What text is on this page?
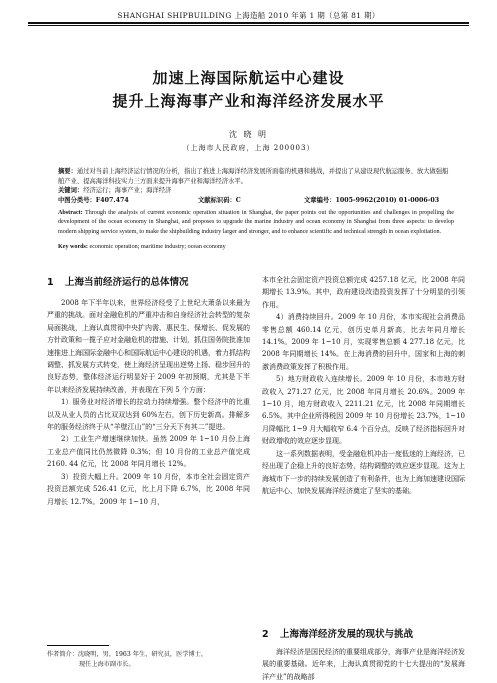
SHANGHAI SHIPBUILDING 上海造船 2010 年第 1 期（总第 81 期）
加速上海国际航运中心建设
提升上海海事产业和海洋经济发展水平
沈 晓 明
（上海市人民政府，上海 200003）
摘要：通过对当前上海经济运行情况的分析，指出了推进上海海洋经济发展所面临的机遇和挑战，并提出了从建设现代航运服务、放大做强船舶产业、提高海洋科技实力三方面来提升海事产业和海洋经济水平。
关键词：经济运行；海事产业；海洋经济
中图分类号：F407.474	文献标识码：C	文章编号：1005-9962(2010) 01-0006-03
Abstract: Through the analysis of current economic operation situation in Shanghai, the paper points out the opportunities and challenges in propelling the development of the ocean economy in Shanghai, and proposes to upgrade the marine industry and ocean economy in Shanghai from three aspects: to develop modern shipping service system, to make the shipbuilding industry larger and stronger, and to enhance scientific and technical strength in ocean exploitation.
Key words: economic operation; maritime industry; ocean economy
1 上海当前经济运行的总体情况

2008 年下半年以来，世界经济经受了上世纪大萧条以来最为严重的挑战。面对金融危机的严重冲击和自身经济社会转型的复杂局面挑战，上海认真贯彻中央扩内需、惠民生、保增长、促发展的方针政策和一揽子应对金融危机的措施、计划，抓住国务院批准加速推进上海国际金融中心和国际航运中心建设的机遇，着力抓结构调整、抓发展方式转变，使上海经济呈现出逆势上扬、稳步回升的良好态势，整体经济运行明显好于 2009 年初预期，尤其是下半年以来经济发展持续改善，并表现在下列 5 个方面：

1）服务业对经济增长的拉动力持续增强。整个经济中的比重以及从业人员的占比双双达到 60%左右，创下历史新高。排解多年的服务经济终于从“羊壁江山”的“三分天下有其二”提进。

2）工业生产增速继续加快。虽然 2009 年 1~10 月份上海工业总产值同比仍然微降 0.3%；但 10 月份的工业总产值完成 2160. 44 亿元，比 2008 年同月增长 12%。

3）投资大幅上升。2009 年 10 月份，本市全社会固定资产投资总额完成 526.41 亿元，比上月下降 6.7%，比 2008 年同月增长 12.7%。2009 年 1~10 月，

本市全社会固定资产投资总额完成 4257.18 亿元，比 2008 年同期增长 13.9%。其中，政府建设改造投资发挥了十分明显的引领作用。

4）消费持续回升。2009 年 10 月份，本市实现社会消费品零售总额 460.14 亿元，创历史单月新高，比去年同月增长 14.1%。2009 年 1~10 月，实现零售总额 4 277.18 亿元，比 2008 年同期增长 14%。在上海消费的回升中，国家和上海的刺激消费政策发挥了积极作用。

5）地方财政收入连续增长。2009 年 10 月份，本市地方财政收入 271.27 亿元，比 2008 年同月增长 20.6%。2009 年 1~10 月，地方财政收入 2211.21 亿元，比 2008 年同期增长 6.5%。其中企业所得税因 2009 年 10 月份增长 23.7%，1~10 月降幅比 1~9 月大幅收窄 6.4 个百分点，反映了经济指标回升对财政增收的效应逐步显现。

这一系列数据表明，受金融危机冲击一度低迷的上海经济，已经出现了企稳上升的良好态势，结构调整的效应逐步显现。这为上海城市下一步的持续发展创造了有利条件，也为上海加速建设国际航运中心、加快发展海洋经济奠定了坚实的基础。

2 上海海洋经济发展的现状与挑战

海洋经济是国民经济的重要组成部分，海事产业是海洋经济发展的重要基础。近年来，上海认真贯彻党的十七大提出的“发展海洋产业”的战略部

作者简介：沈晓明，男，1963 年生，研究员，医学博士，
现任上海市副市长。
